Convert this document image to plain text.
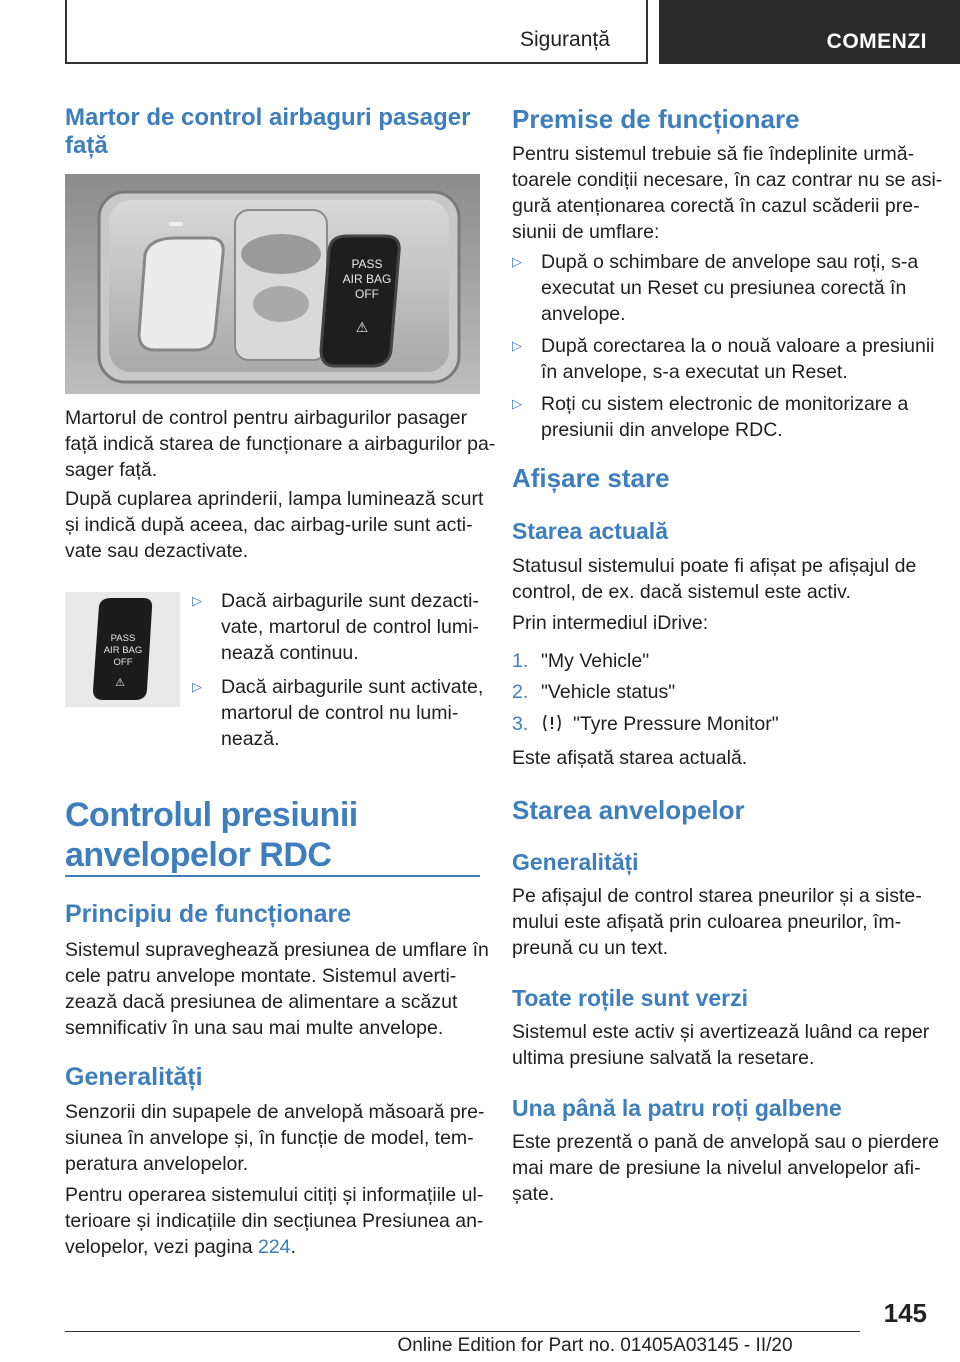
Siguranță	COMENZI
Martor de control airbaguri pasager
față
PASS
AIR BAG
OFF
⚠
Martorul de control pentru airbagurilor pasager
față indică starea de funcționare a airbagurilor pa-
sager față.
După cuplarea aprinderii, lampa luminează scurt
și indică după aceea, dac airbag-urile sunt acti-
vate sau dezactivate.
PASS
AIR BAG
OFF
⚠
▷ Dacă airbagurile sunt dezacti-
vate, martorul de control lumi-
nează continuu.
▷ Dacă airbagurile sunt activate,
martorul de control nu lumi-
nează.
Controlul presiunii
anvelopelor RDC
Principiu de funcționare
Sistemul supraveghează presiunea de umflare în
cele patru anvelope montate. Sistemul averti-
zează dacă presiunea de alimentare a scăzut
semnificativ în una sau mai multe anvelope.
Generalități
Senzorii din supapele de anvelopă măsoară pre-
siunea în anvelope și, în funcție de model, tem-
peratura anvelopelor.
Pentru operarea sistemului citiți și informațiile ul-
terioare și indicațiile din secțiunea Presiunea an-
velopelor, vezi pagina 224.
Premise de funcționare
Pentru sistemul trebuie să fie îndeplinite urmă-
toarele condiții necesare, în caz contrar nu se asi-
gură atenționarea corectă în cazul scăderii pre-
siunii de umflare:
▷ După o schimbare de anvelope sau roți, s-a
executat un Reset cu presiunea corectă în
anvelope.
▷ După corectarea la o nouă valoare a presiunii
în anvelope, s-a executat un Reset.
▷ Roți cu sistem electronic de monitorizare a
presiunii din anvelope RDC.
Afișare stare
Starea actuală
Statusul sistemului poate fi afișat pe afișajul de
control, de ex. dacă sistemul este activ.
Prin intermediul iDrive:
1. "My Vehicle"
2. "Vehicle status"
3. "Tyre Pressure Monitor"
Este afișată starea actuală.
Starea anvelopelor
Generalități
Pe afișajul de control starea pneurilor și a siste-
mului este afișată prin culoarea pneurilor, îm-
preună cu un text.
Toate roțile sunt verzi
Sistemul este activ și avertizează luând ca reper
ultima presiune salvată la resetare.
Una până la patru roți galbene
Este prezentă o pană de anvelopă sau o pierdere
mai mare de presiune la nivelul anvelopelor afi-
șate.
145
Online Edition for Part no. 01405A03145 - II/20
